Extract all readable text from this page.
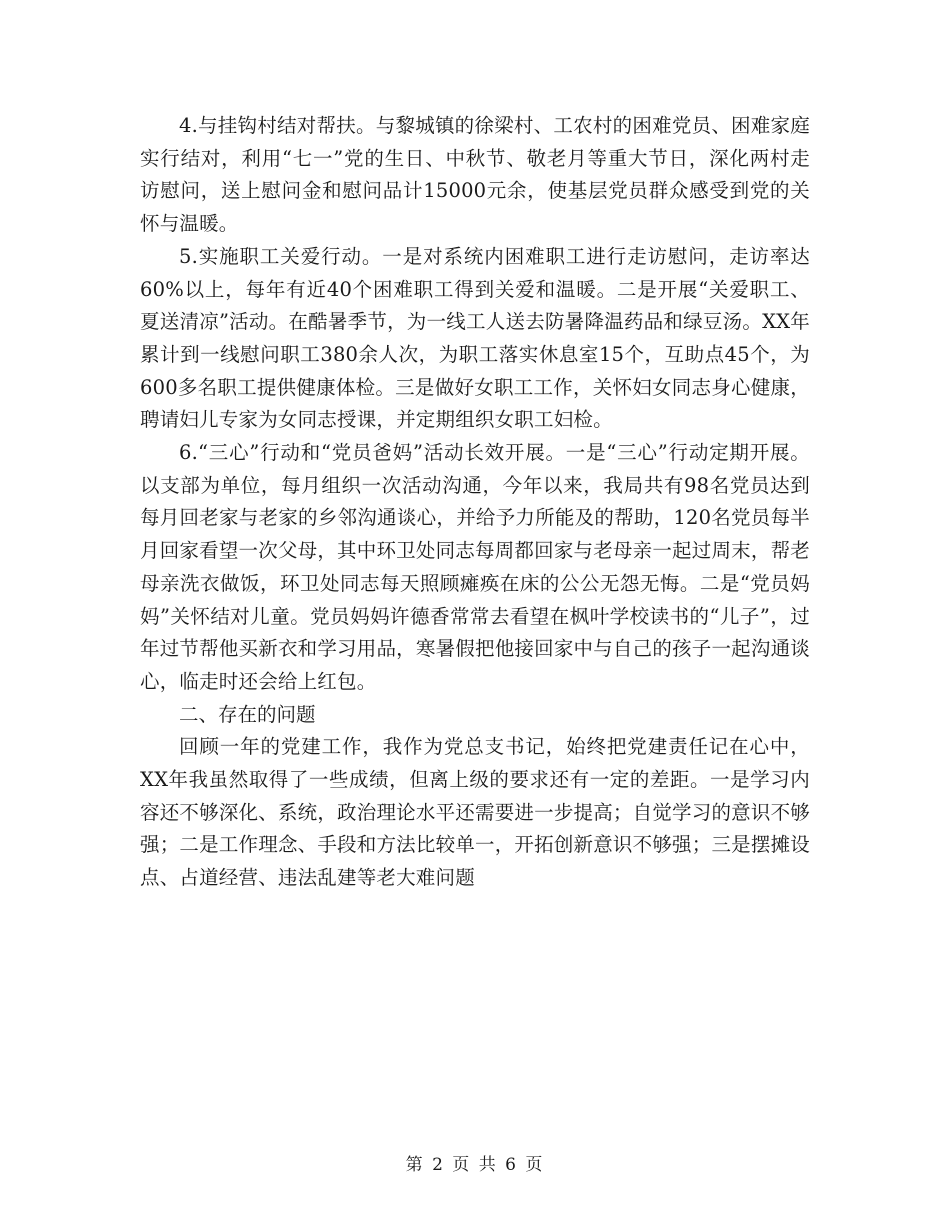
4.与挂钩村结对帮扶。与黎城镇的徐梁村、工农村的困难党员、困难家庭实行结对，利用“七一”党的生日、中秋节、敬老月等重大节日，深化两村走访慰问，送上慰问金和慰问品计15000元余，使基层党员群众感受到党的关怀与温暖。

5.实施职工关爱行动。一是对系统内困难职工进行走访慰问，走访率达60%以上，每年有近40个困难职工得到关爱和温暖。二是开展“关爱职工、夏送清凉”活动。在酷暑季节，为一线工人送去防暑降温药品和绿豆汤。XX年累计到一线慰问职工380余人次，为职工落实休息室15个，互助点45个，为600多名职工提供健康体检。三是做好女职工工作，关怀妇女同志身心健康，聘请妇儿专家为女同志授课，并定期组织女职工妇检。

6.“三心”行动和“党员爸妈”活动长效开展。一是“三心”行动定期开展。以支部为单位，每月组织一次活动沟通，今年以来，我局共有98名党员达到每月回老家与老家的乡邻沟通谈心，并给予力所能及的帮助，120名党员每半月回家看望一次父母，其中环卫处同志每周都回家与老母亲一起过周末，帮老母亲洗衣做饭，环卫处同志每天照顾瘫痪在床的公公无怨无悔。二是“党员妈妈”关怀结对儿童。党员妈妈许德香常常去看望在枫叶学校读书的“儿子”，过年过节帮他买新衣和学习用品，寒暑假把他接回家中与自己的孩子一起沟通谈心，临走时还会给上红包。

二、存在的问题

回顾一年的党建工作，我作为党总支书记，始终把党建责任记在心中，XX年我虽然取得了一些成绩，但离上级的要求还有一定的差距。一是学习内容还不够深化、系统，政治理论水平还需要进一步提高；自觉学习的意识不够强；二是工作理念、手段和方法比较单一，开拓创新意识不够强；三是摆摊设点、占道经营、违法乱建等老大难问题

第 2 页 共 6 页
